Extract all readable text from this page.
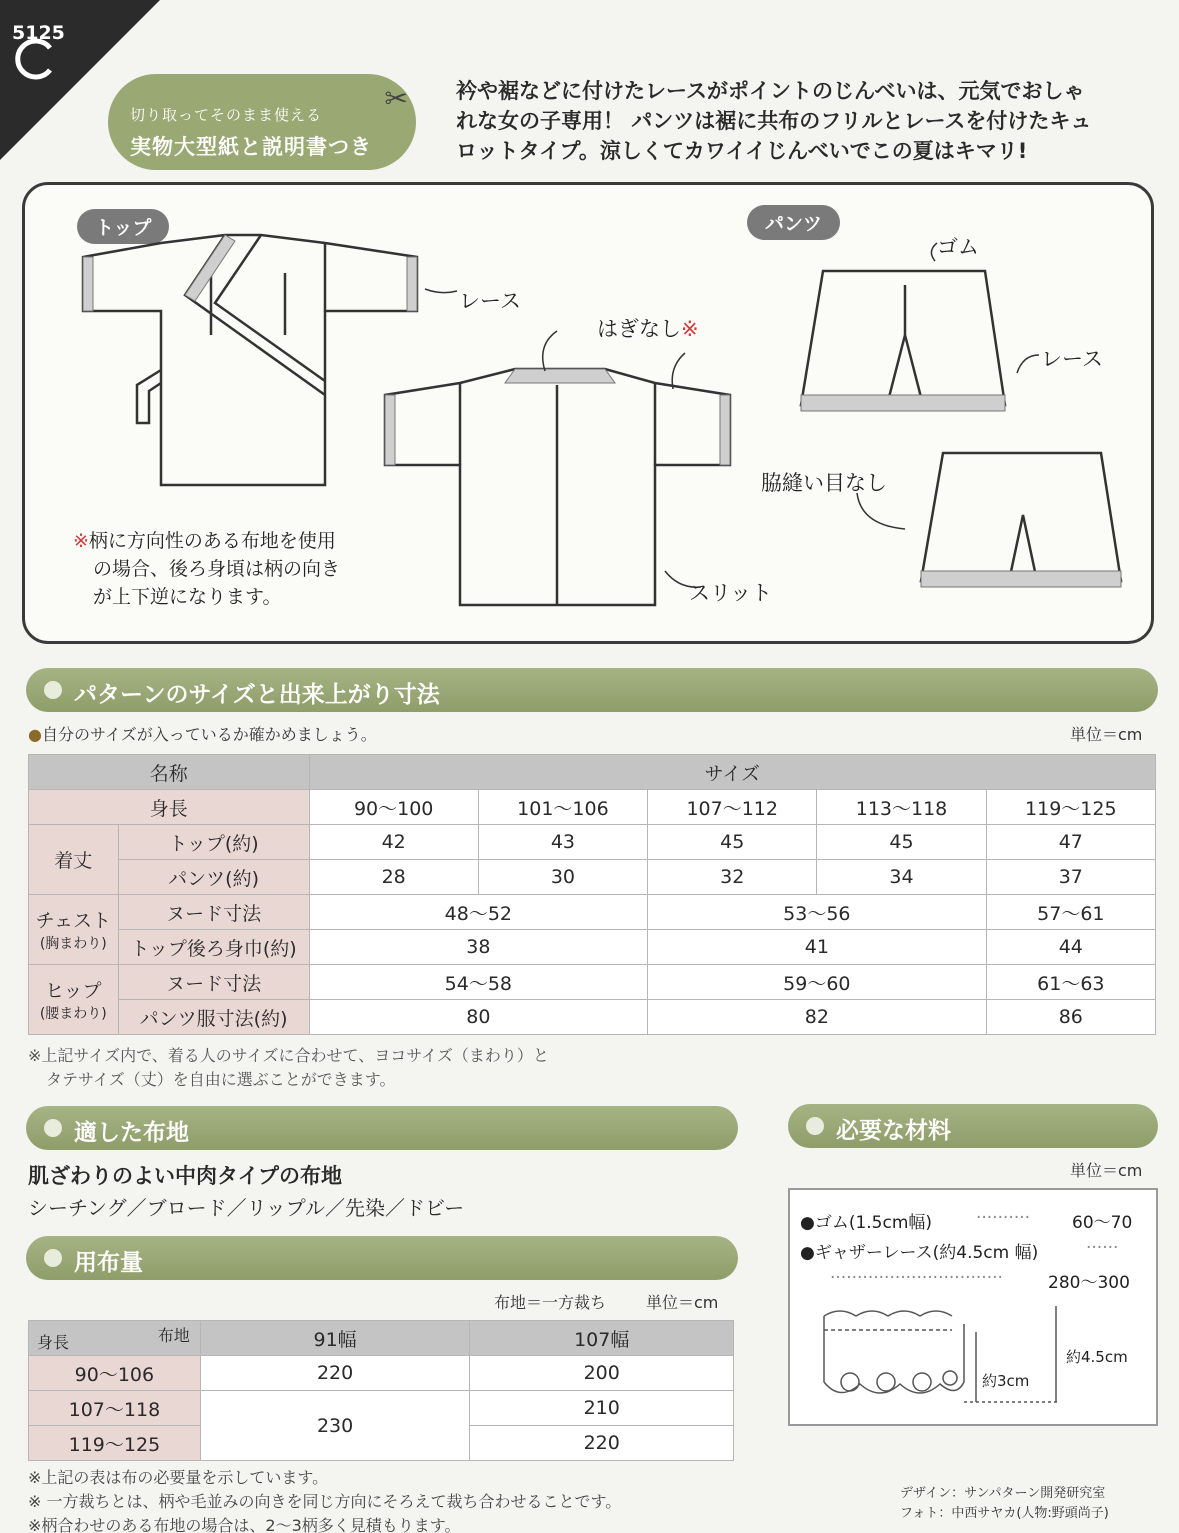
5125
切り取ってそのまま使える
実物大型紙と説明書つき
✂ 衿や裾などに付けたレースがポイントのじんべいは、元気でおしゃ
れな女の子専用！ パンツは裾に共布のフリルとレースを付けたキュ
ロットタイプ。涼しくてカワイイじんべいでこの夏はキマリ!
トップ	パンツ
レース
はぎなし※
スリット
ゴム
レース
脇縫い目なし
※柄に方向性のある布地を使用
の場合、後ろ身頃は柄の向き
が上下逆になります。
パターンのサイズと出来上がり寸法
●自分のサイズが入っているか確かめましょう。	単位＝cm
名称		サイズ				
身長		90〜100	101〜106	107〜112	113〜118	119〜125
着丈	トップ(約)	42	43	45	45	47
	パンツ(約)	28	30	32	34	37

チェスト
(胸まわり)	ヌード寸法	48〜52		53〜56		57〜61
	トップ後ろ身巾(約)	38		41		44

ヒップ
(腰まわり)	ヌード寸法	54〜58		59〜60		61〜63
	パンツ服寸法(約)	80		82		86
※上記サイズ内で、着る人のサイズに合わせて、ヨコサイズ（まわり）と
タテサイズ（丈）を自由に選ぶことができます。
適した布地
肌ざわりのよい中肉タイプの布地
シーチング／ブロード／リップル／先染／ドビー
必要な材料
単位＝cm
●ゴム(1.5cm幅)	·········· 60〜70
●ギャザーレース(約4.5cm 幅)	······
································	280〜300
約4.5cm
約3cm
用布量
布地＝一方裁ち 単位＝cm
布地
身長	91幅	107幅
90〜106	220	200
107〜118	230	210
119〜125		220
※上記の表は布の必要量を示しています。
※ 一方裁ちとは、柄や毛並みの向きを同じ方向にそろえて裁ち合わせることです。
※柄合わせのある布地の場合は、2〜3柄多く見積もります。
デザイン：サンパターン開発研究室
フォト：中西サヤカ(人物:野頭尚子)
